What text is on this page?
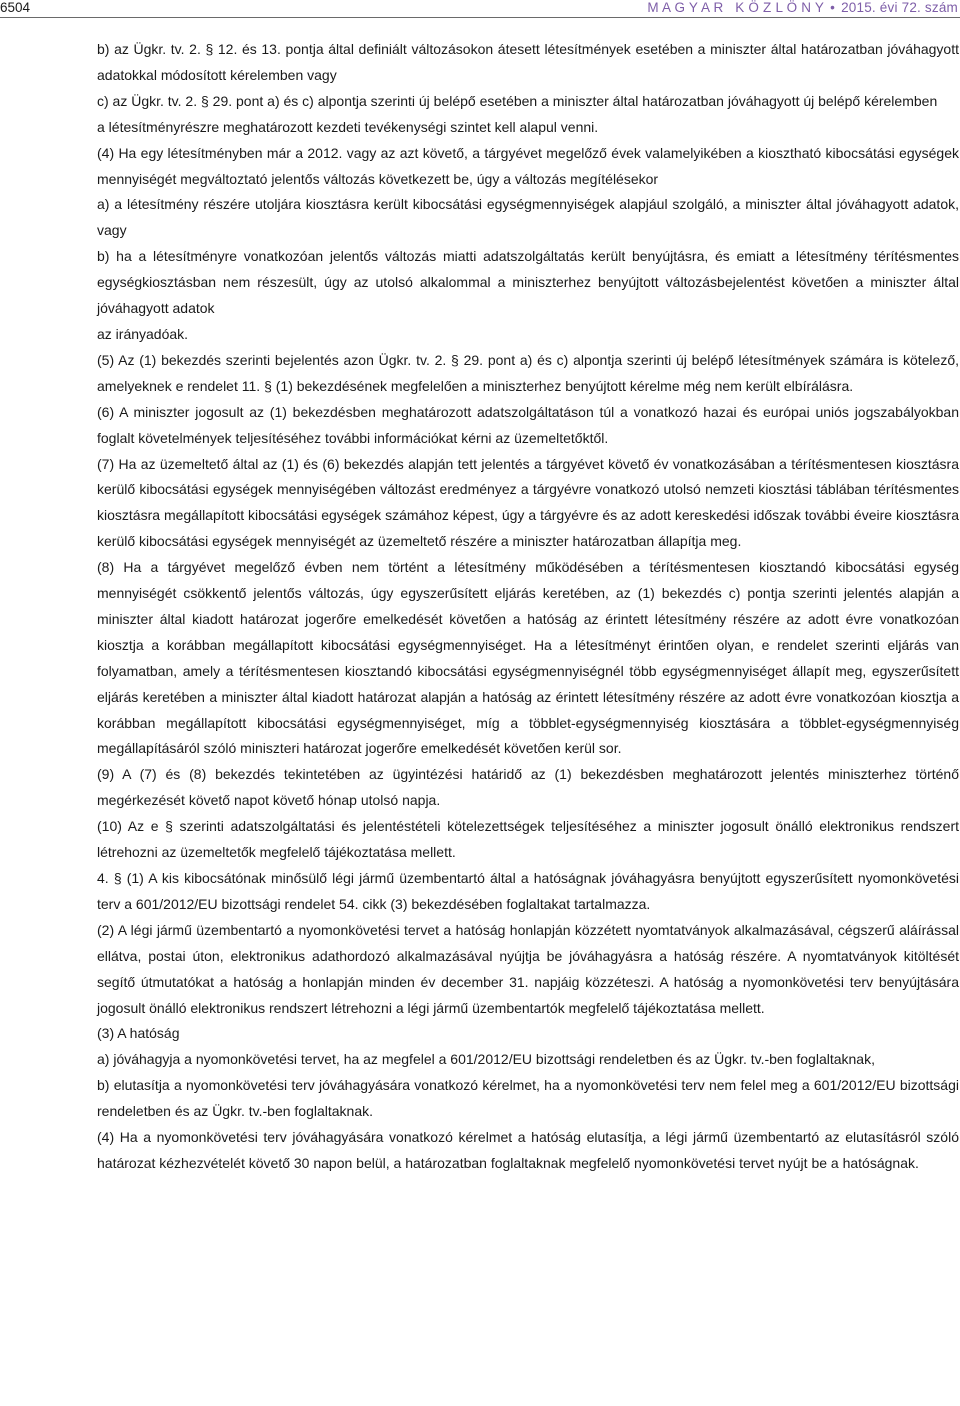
6504	M A G Y A R   K Ö Z L Ö N Y • 2015. évi 72. szám

b) az Ügkr. tv. 2. § 12. és 13. pontja által definiált változásokon átesett létesítmények esetében a miniszter által határozatban jóváhagyott adatokkal módosított kérelemben vagy

c) az Ügkr. tv. 2. § 29. pont a) és c) alpontja szerinti új belépő esetében a miniszter által határozatban jóváhagyott új belépő kérelemben

a létesítményrészre meghatározott kezdeti tevékenységi szintet kell alapul venni.

(4) Ha egy létesítményben már a 2012. vagy az azt követő, a tárgyévet megelőző évek valamelyikében a kiosztható kibocsátási egységek mennyiségét megváltoztató jelentős változás következett be, úgy a változás megítélésekor

a) a létesítmény részére utoljára kiosztásra került kibocsátási egységmennyiségek alapjául szolgáló, a miniszter által jóváhagyott adatok, vagy

b) ha a létesítményre vonatkozóan jelentős változás miatti adatszolgáltatás került benyújtásra, és emiatt a létesítmény térítésmentes egységkiosztásban nem részesült, úgy az utolsó alkalommal a miniszterhez benyújtott változásbejelentést követően a miniszter által jóváhagyott adatok

az irányadóak.

(5) Az (1) bekezdés szerinti bejelentés azon Ügkr. tv. 2. § 29. pont a) és c) alpontja szerinti új belépő létesítmények számára is kötelező, amelyeknek e rendelet 11. § (1) bekezdésének megfelelően a miniszterhez benyújtott kérelme még nem került elbírálásra.

(6) A miniszter jogosult az (1) bekezdésben meghatározott adatszolgáltatáson túl a vonatkozó hazai és európai uniós jogszabályokban foglalt követelmények teljesítéséhez további információkat kérni az üzemeltetőktől.

(7) Ha az üzemeltető által az (1) és (6) bekezdés alapján tett jelentés a tárgyévet követő év vonatkozásában a térítésmentesen kiosztásra kerülő kibocsátási egységek mennyiségében változást eredményez a tárgyévre vonatkozó utolsó nemzeti kiosztási táblában térítésmentes kiosztásra megállapított kibocsátási egységek számához képest, úgy a tárgyévre és az adott kereskedési időszak további éveire kiosztásra kerülő kibocsátási egységek mennyiségét az üzemeltető részére a miniszter határozatban állapítja meg.

(8) Ha a tárgyévet megelőző évben nem történt a létesítmény működésében a térítésmentesen kiosztandó kibocsátási egység mennyiségét csökkentő jelentős változás, úgy egyszerűsített eljárás keretében, az (1) bekezdés c) pontja szerinti jelentés alapján a miniszter által kiadott határozat jogerőre emelkedését követően a hatóság az érintett létesítmény részére az adott évre vonatkozóan kiosztja a korábban megállapított kibocsátási egységmennyiséget. Ha a létesítményt érintően olyan, e rendelet szerinti eljárás van folyamatban, amely a térítésmentesen kiosztandó kibocsátási egységmennyiségnél több egységmennyiséget állapít meg, egyszerűsített eljárás keretében a miniszter által kiadott határozat alapján a hatóság az érintett létesítmény részére az adott évre vonatkozóan kiosztja a korábban megállapított kibocsátási egységmennyiséget, míg a többlet-egységmennyiség kiosztására a többlet-egységmennyiség megállapításáról szóló miniszteri határozat jogerőre emelkedését követően kerül sor.

(9) A (7) és (8) bekezdés tekintetében az ügyintézési határidő az (1) bekezdésben meghatározott jelentés miniszterhez történő megérkezését követő napot követő hónap utolsó napja.

(10) Az e § szerinti adatszolgáltatási és jelentéstételi kötelezettségek teljesítéséhez a miniszter jogosult önálló elektronikus rendszert létrehozni az üzemeltetők megfelelő tájékoztatása mellett.

4. § (1) A kis kibocsátónak minősülő légi jármű üzembentartó által a hatóságnak jóváhagyásra benyújtott egyszerűsített nyomonkövetési terv a 601/2012/EU bizottsági rendelet 54. cikk (3) bekezdésében foglaltakat tartalmazza.

(2) A légi jármű üzembentartó a nyomonkövetési tervet a hatóság honlapján közzétett nyomtatványok alkalmazásával, cégszerű aláírással ellátva, postai úton, elektronikus adathordozó alkalmazásával nyújtja be jóváhagyásra a hatóság részére. A nyomtatványok kitöltését segítő útmutatókat a hatóság a honlapján minden év december 31. napjáig közzéteszi. A hatóság a nyomonkövetési terv benyújtására jogosult önálló elektronikus rendszert létrehozni a légi jármű üzembentartók megfelelő tájékoztatása mellett.

(3) A hatóság

a) jóváhagyja a nyomonkövetési tervet, ha az megfelel a 601/2012/EU bizottsági rendeletben és az Ügkr. tv.-ben foglaltaknak,

b) elutasítja a nyomonkövetési terv jóváhagyására vonatkozó kérelmet, ha a nyomonkövetési terv nem felel meg a 601/2012/EU bizottsági rendeletben és az Ügkr. tv.-ben foglaltaknak.

(4) Ha a nyomonkövetési terv jóváhagyására vonatkozó kérelmet a hatóság elutasítja, a légi jármű üzembentartó az elutasításról szóló határozat kézhezvételét követő 30 napon belül, a határozatban foglaltaknak megfelelő nyomonkövetési tervet nyújt be a hatóságnak.
